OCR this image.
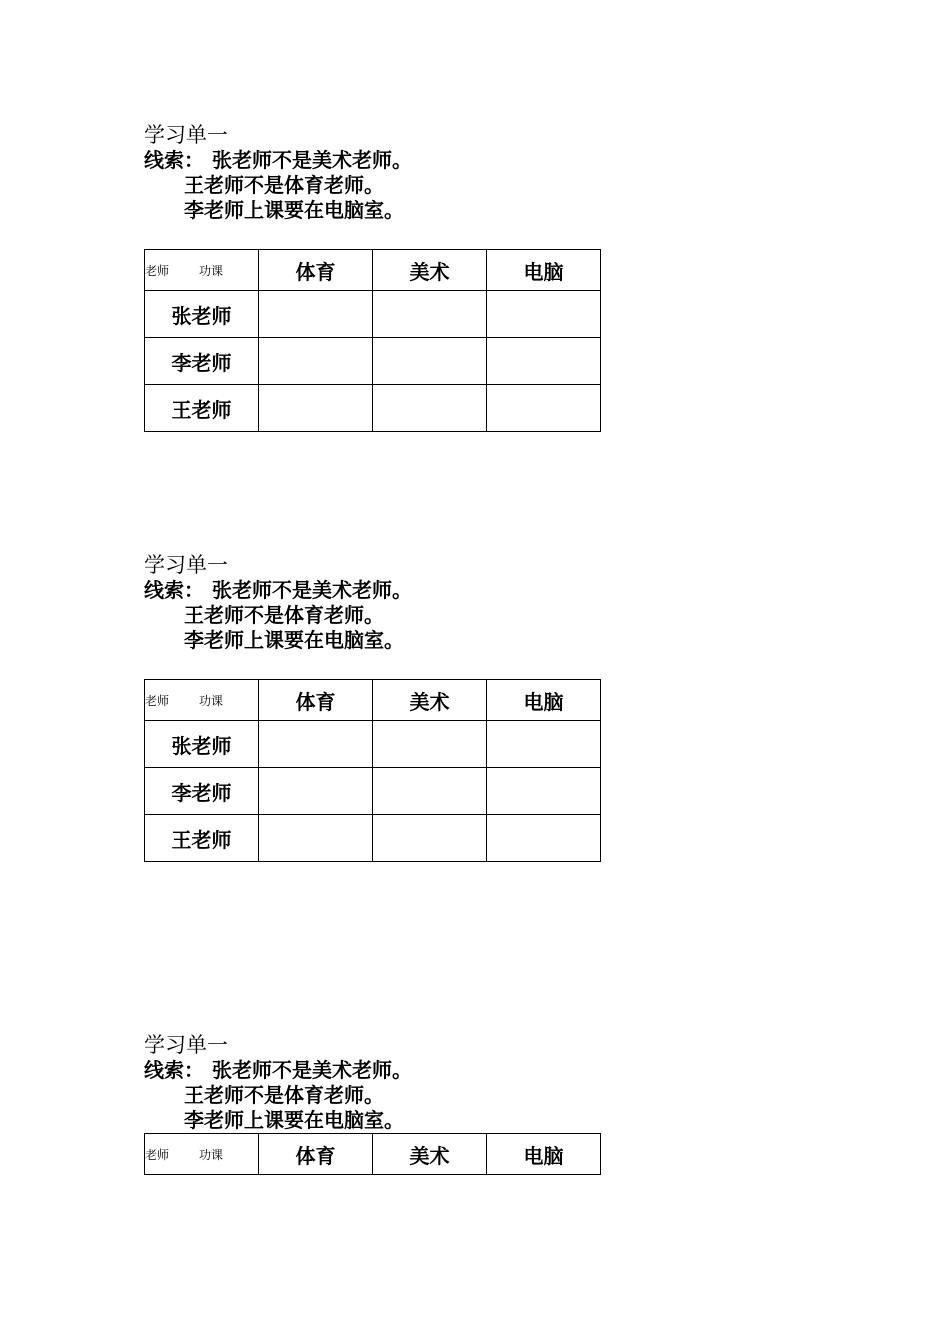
学习单一
线索： 张老师不是美术老师。
王老师不是体育老师。
李老师上课要在电脑室。
老师 功课	体育	美术	电脑
张老师			
李老师			
王老师			
学习单一
线索： 张老师不是美术老师。
王老师不是体育老师。
李老师上课要在电脑室。
老师 功课	体育	美术	电脑
张老师			
李老师			
王老师			
学习单一
线索： 张老师不是美术老师。
王老师不是体育老师。
李老师上课要在电脑室。
老师 功课	体育	美术	电脑
